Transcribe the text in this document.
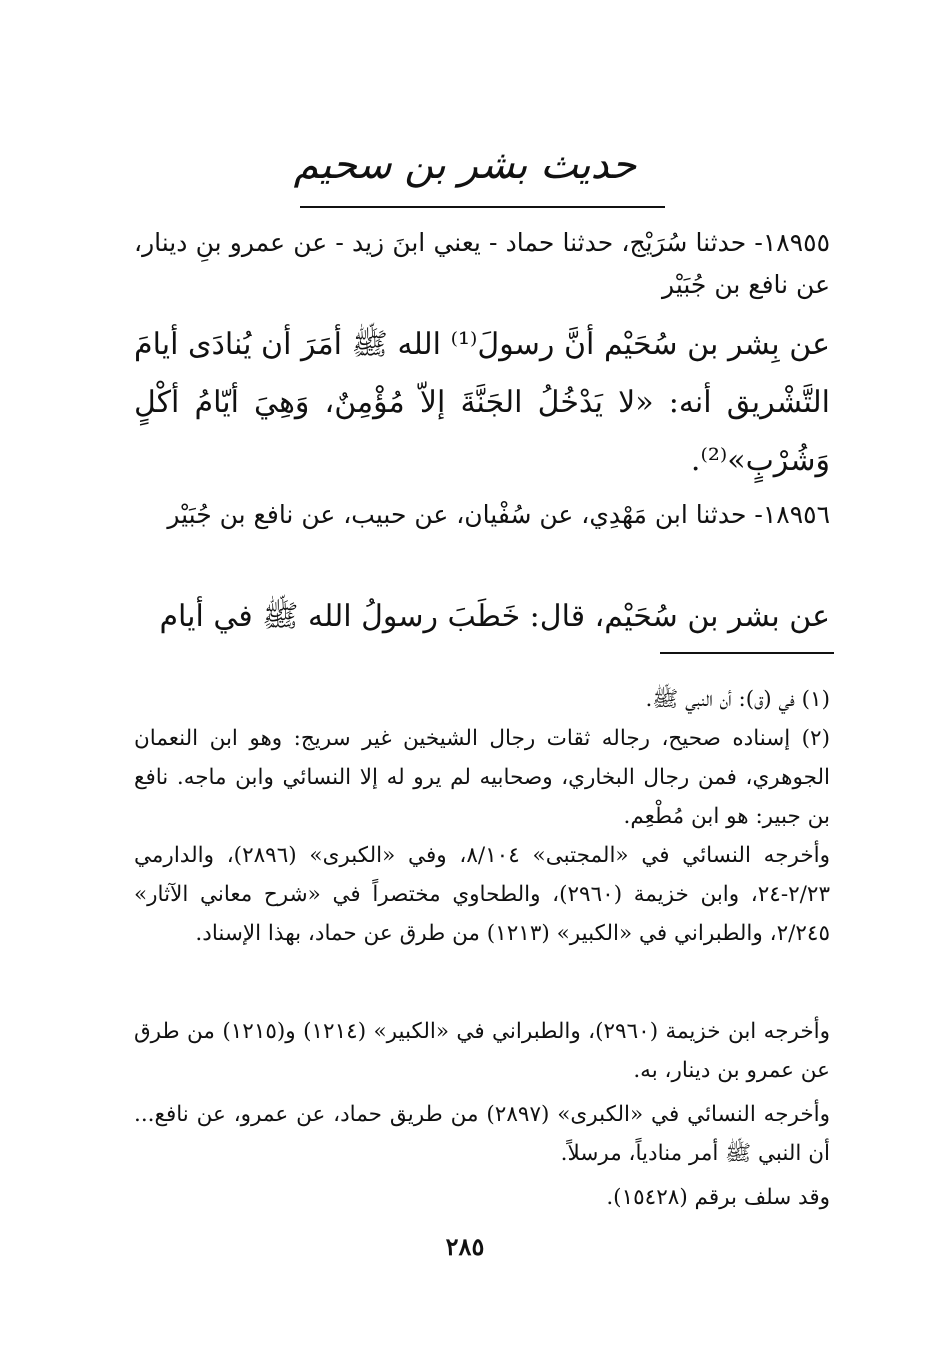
حديث بشر بن سحيم

١٨٩٥٥- حدثنا سُرَيْج، حدثنا حماد - يعني ابنَ زيد - عن عمرو بنِ دينار، عن نافع بن جُبَيْر

عن بِشر بن سُحَيْم أنَّ رسولَ⁽¹⁾ الله ﷺ أمَرَ أن يُنادَى أيامَ التَّشْريق أنه: «لا يَدْخُلُ الجَنَّةَ إلاّ مُؤْمِنٌ، وَهِيَ أيّامُ أكْلٍ وَشُرْبٍ»⁽²⁾.

١٨٩٥٦- حدثنا ابن مَهْدِي، عن سُفْيان، عن حبيب، عن نافع بن جُبَيْر

عن بشر بن سُحَيْم، قال: خَطَبَ رسولُ الله ﷺ في أيام

(١) في (ق): أن النبي ﷺ.

(٢) إسناده صحيح، رجاله ثقات رجال الشيخين غير سريج: وهو ابن النعمان الجوهري، فمن رجال البخاري، وصحابيه لم يرو له إلا النسائي وابن ماجه. نافع بن جبير: هو ابن مُطْعِم.

وأخرجه النسائي في «المجتبى» ٨/١٠٤، وفي «الكبرى» (٢٨٩٦)، والدارمي ٢/٢٣-٢٤، وابن خزيمة (٢٩٦٠)، والطحاوي مختصراً في «شرح معاني الآثار» ٢/٢٤٥، والطبراني في «الكبير» (١٢١٣) من طرق عن حماد، بهذا الإسناد.

وأخرجه ابن خزيمة (٢٩٦٠)، والطبراني في «الكبير» (١٢١٤) و(١٢١٥) من طرق عن عمرو بن دينار، به.

وأخرجه النسائي في «الكبرى» (٢٨٩٧) من طريق حماد، عن عمرو، عن نافع... أن النبي ﷺ أمر منادياً، مرسلاً.

وقد سلف برقم (١٥٤٢٨).

٢٨٥
